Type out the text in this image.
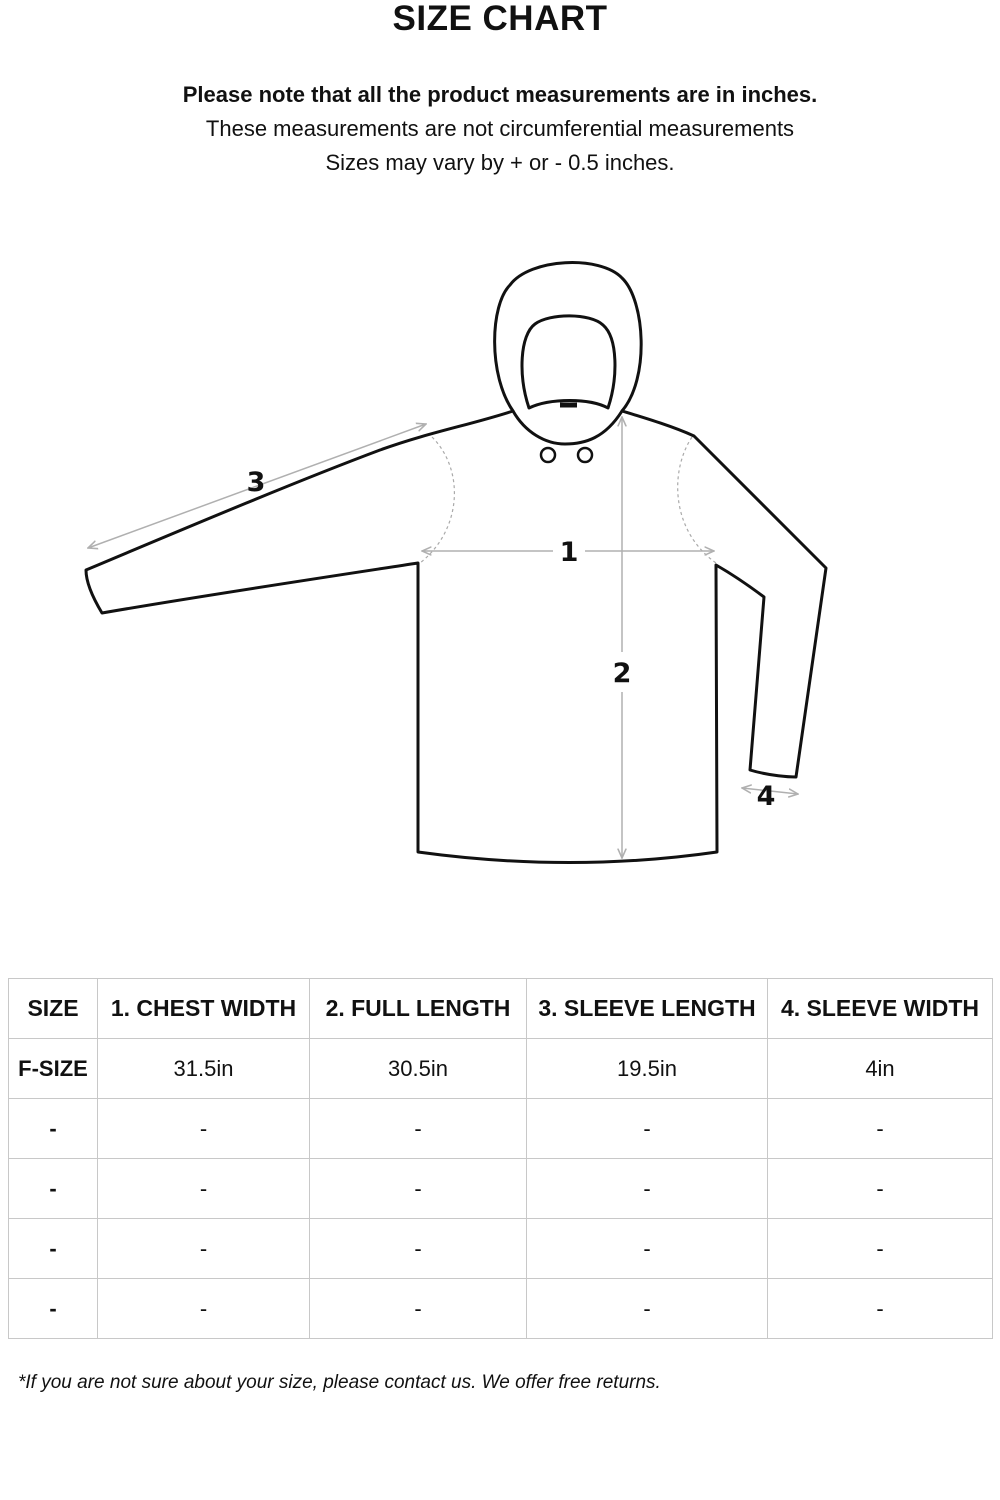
SIZE CHART
Please note that all the product measurements are in inches.
These measurements are not circumferential measurements
Sizes may vary by + or - 0.5 inches.
1
2
3
4
SIZE	1. CHEST WIDTH	2. FULL LENGTH	3. SLEEVE LENGTH	4. SLEEVE WIDTH
F-SIZE	31.5in	30.5in	19.5in	4in
-	-	-	-	-
-	-	-	-	-
-	-	-	-	-
-	-	-	-	-
*If you are not sure about your size, please contact us. We offer free returns.
